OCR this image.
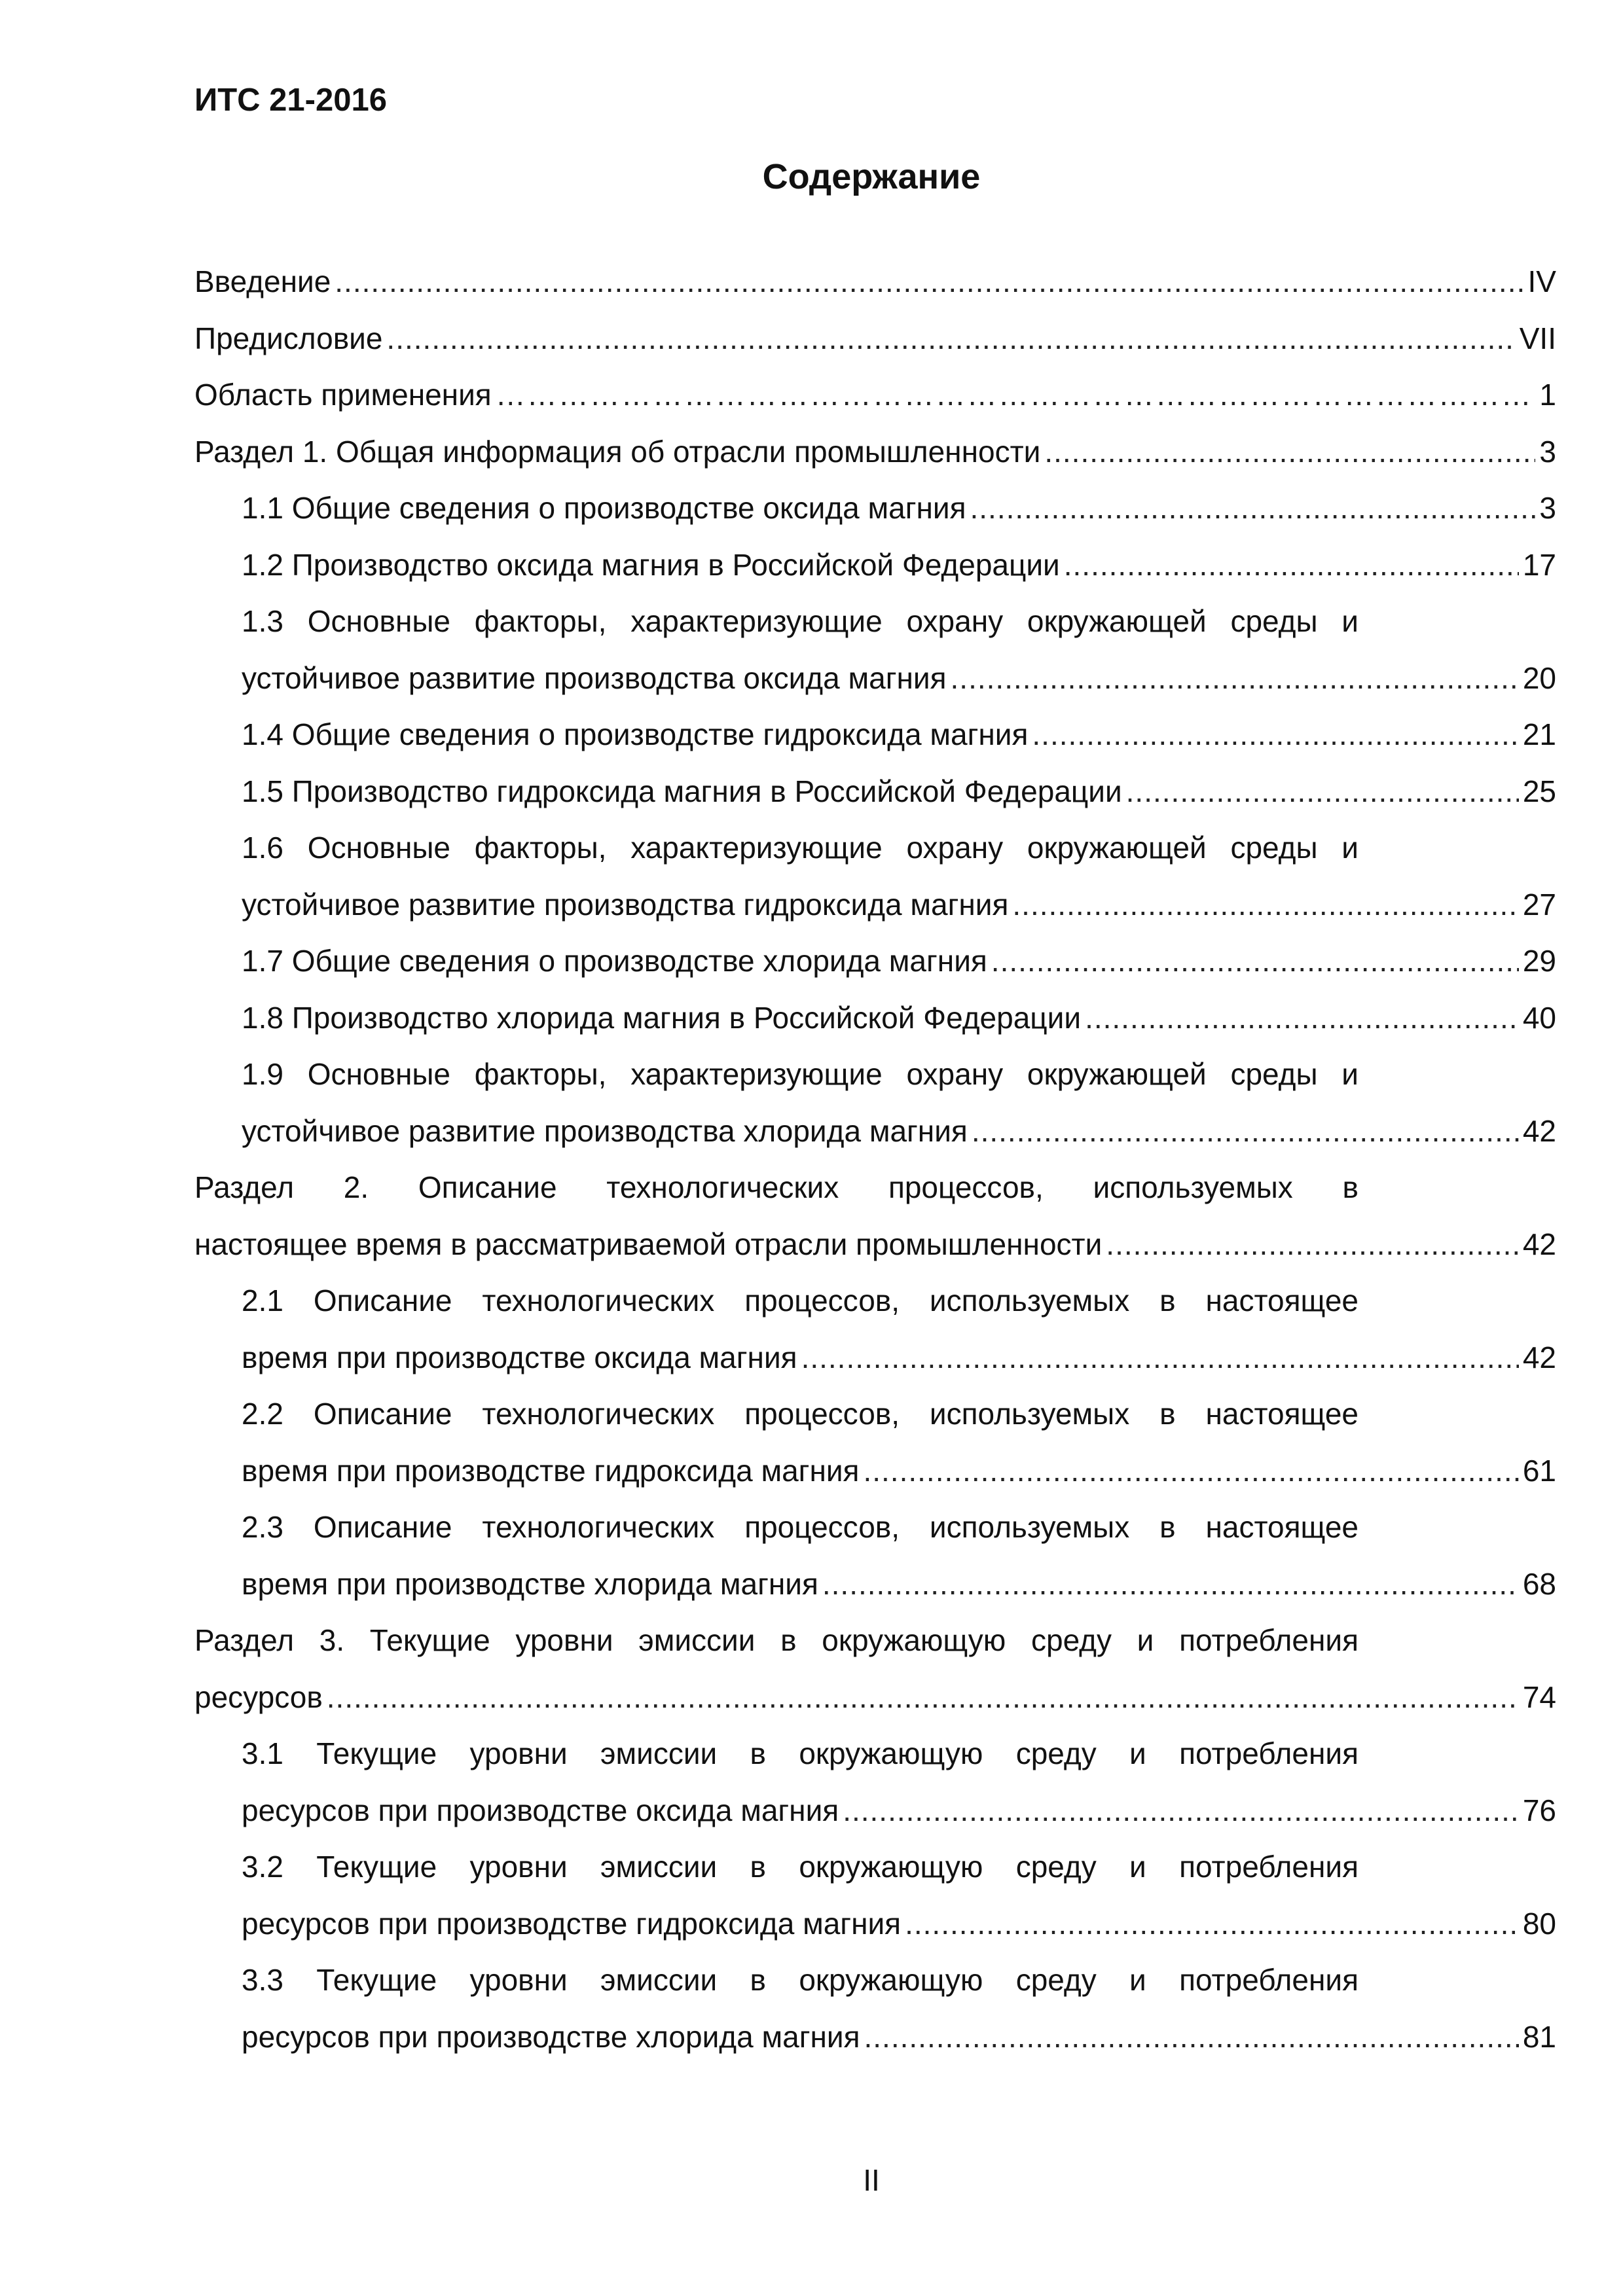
ИТС 21-2016
Содержание
Введение .....	IV
Предисловие .....	VII
Область применения …………………………………………………………………………………………………………………………………………………………………………………………………………………………………………………………	1
Раздел 1. Общая информация об отрасли промышленности .....	3
1.1 Общие сведения о производстве оксида магния .....	3
1.2 Производство оксида магния в Российской Федерации .....	17
1.3 Основные факторы, характеризующие охрану окружающей среды и
устойчивое развитие производства оксида магния .....	20
1.4 Общие сведения о производстве гидроксида магния .....	21
1.5 Производство гидроксида магния в Российской Федерации .....	25
1.6 Основные факторы, характеризующие охрану окружающей среды и
устойчивое развитие производства гидроксида магния .....	27
1.7 Общие сведения о производстве хлорида магния .....	29
1.8 Производство хлорида магния в Российской Федерации .....	40
1.9 Основные факторы, характеризующие охрану окружающей среды и
устойчивое развитие производства хлорида магния .....	42
Раздел 2. Описание технологических процессов, используемых в
настоящее время в рассматриваемой отрасли промышленности .....	42
2.1 Описание технологических процессов, используемых в настоящее
время при производстве оксида магния .....	42
2.2 Описание технологических процессов, используемых в настоящее
время при производстве гидроксида магния .....	61
2.3 Описание технологических процессов, используемых в настоящее
время при производстве хлорида магния .....	68
Раздел 3. Текущие уровни эмиссии в окружающую среду и потребления
ресурсов .....	74
3.1 Текущие уровни эмиссии в окружающую среду и потребления
ресурсов при производстве оксида магния .....	76
3.2 Текущие уровни эмиссии в окружающую среду и потребления
ресурсов при производстве гидроксида магния .....	80
3.3 Текущие уровни эмиссии в окружающую среду и потребления
ресурсов при производстве хлорида магния .....	81
II
